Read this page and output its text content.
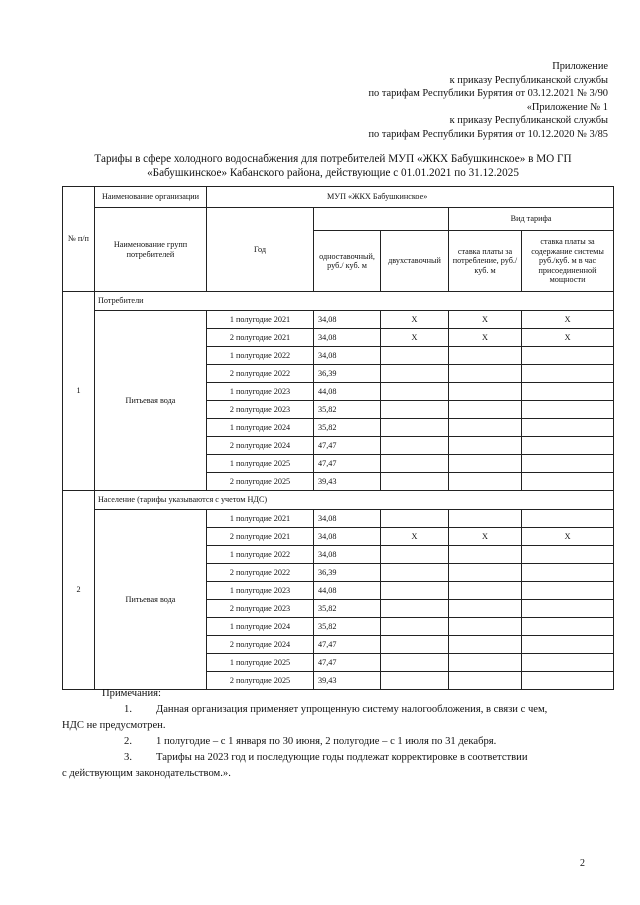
Приложение
к приказу Республиканской службы
по тарифам Республики Бурятия от 03.12.2021 № 3/90
«Приложение № 1
к приказу Республиканской службы
по тарифам Республики Бурятия от 10.12.2020 № 3/85
Тарифы в сфере холодного водоснабжения для потребителей МУП «ЖКХ Бабушкинское» в МО ГП
«Бабушкинское» Кабанского района, действующие с 01.01.2021 по 31.12.2025
№ п/п	Наименование организации	МУП «ЖКХ Бабушкинское»				
	Наименование групп потребителей	Год			Вид тарифа	
			одноставочный, руб./ куб. м	двухставочный	ставка платы за потребление, руб./ куб. м	ставка платы за содержание системы руб./куб. м в час присоединенной мощности
1	Потребители					
	Питьевая вода	1 полугодие 2021	34,08	X	X	X
		2 полугодие 2021	34,08	X	X	X
		1 полугодие 2022	34,08			
		2 полугодие 2022	36,39			
		1 полугодие 2023	44,08			
		2 полугодие 2023	35,82			
		1 полугодие 2024	35,82			
		2 полугодие 2024	47,47			
		1 полугодие 2025	47,47			
		2 полугодие 2025	39,43			
2	Население (тарифы указываются с учетом НДС)					
	Питьевая вода	1 полугодие 2021	34,08			
		2 полугодие 2021	34,08	X	X	X
		1 полугодие 2022	34,08			
		2 полугодие 2022	36,39			
		1 полугодие 2023	44,08			
		2 полугодие 2023	35,82			
		1 полугодие 2024	35,82			
		2 полугодие 2024	47,47			
		1 полугодие 2025	47,47			
		2 полугодие 2025	39,43			
Примечания:
1. Данная организация применяет упрощенную систему налогообложения, в связи с чем,
НДС не предусмотрен.
2. 1 полугодие – с 1 января по 30 июня, 2 полугодие – с 1 июля по 31 декабря.
3. Тарифы на 2023 год и последующие годы подлежат корректировке в соответствии
с действующим законодательством.».
2
